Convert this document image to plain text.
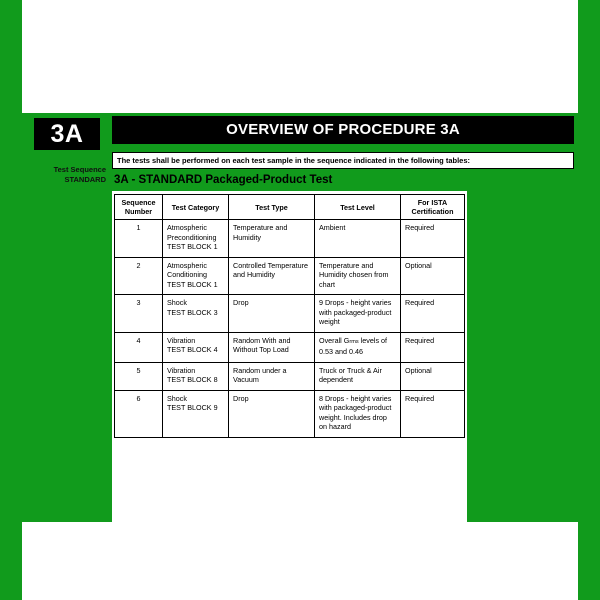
3A
Test Sequence
STANDARD
OVERVIEW OF PROCEDURE 3A
The tests shall be performed on each test sample in the sequence indicated in the following tables:
3A - STANDARD Packaged-Product Test
Sequence Number	Test Category	Test Type	Test Level	For ISTA Certification
1	Atmospheric
Preconditioning
TEST BLOCK 1	Temperature and Humidity	Ambient	Required
2	Atmospheric
Conditioning
TEST BLOCK 1	Controlled Temperature and Humidity	Temperature and Humidity chosen from chart	Optional
3	Shock
TEST BLOCK 3	Drop	9 Drops - height varies with packaged-product weight	Required
4	Vibration
TEST BLOCK 4	Random With and Without Top Load	Overall Grms levels of 0.53 and 0.46	Required
5	Vibration
TEST BLOCK 8	Random under a Vacuum	Truck or Truck & Air dependent	Optional
6	Shock
TEST BLOCK 9	Drop	8 Drops - height varies with packaged-product weight. Includes drop on hazard	Required
